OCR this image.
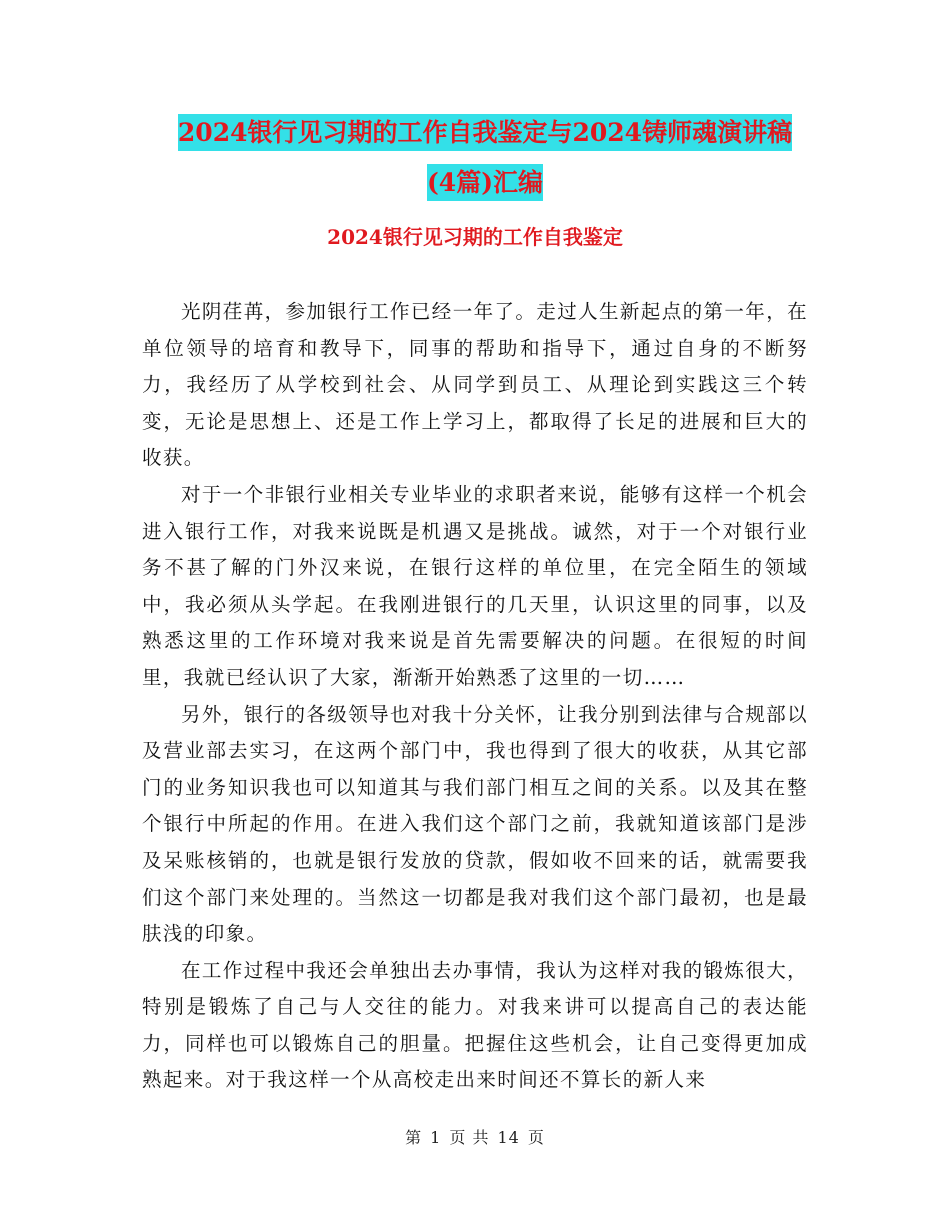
2024银行见习期的工作自我鉴定与2024铸师魂演讲稿
(4篇)汇编
2024银行见习期的工作自我鉴定

光阴荏苒，参加银行工作已经一年了。走过人生新起点的第一年，在单位领导的培育和教导下，同事的帮助和指导下，通过自身的不断努力，我经历了从学校到社会、从同学到员工、从理论到实践这三个转变，无论是思想上、还是工作上学习上，都取得了长足的进展和巨大的收获。

对于一个非银行业相关专业毕业的求职者来说，能够有这样一个机会进入银行工作，对我来说既是机遇又是挑战。诚然，对于一个对银行业务不甚了解的门外汉来说，在银行这样的单位里，在完全陌生的领域中，我必须从头学起。在我刚进银行的几天里，认识这里的同事，以及熟悉这里的工作环境对我来说是首先需要解决的问题。在很短的时间里，我就已经认识了大家，渐渐开始熟悉了这里的一切……

另外，银行的各级领导也对我十分关怀，让我分别到法律与合规部以及营业部去实习，在这两个部门中，我也得到了很大的收获，从其它部门的业务知识我也可以知道其与我们部门相互之间的关系。以及其在整个银行中所起的作用。在进入我们这个部门之前，我就知道该部门是涉及呆账核销的，也就是银行发放的贷款，假如收不回来的话，就需要我们这个部门来处理的。当然这一切都是我对我们这个部门最初，也是最肤浅的印象。

在工作过程中我还会单独出去办事情，我认为这样对我的锻炼很大，特别是锻炼了自己与人交往的能力。对我来讲可以提高自己的表达能力，同样也可以锻炼自己的胆量。把握住这些机会，让自己变得更加成熟起来。对于我这样一个从高校走出来时间还不算长的新人来

第 1 页 共 14 页
